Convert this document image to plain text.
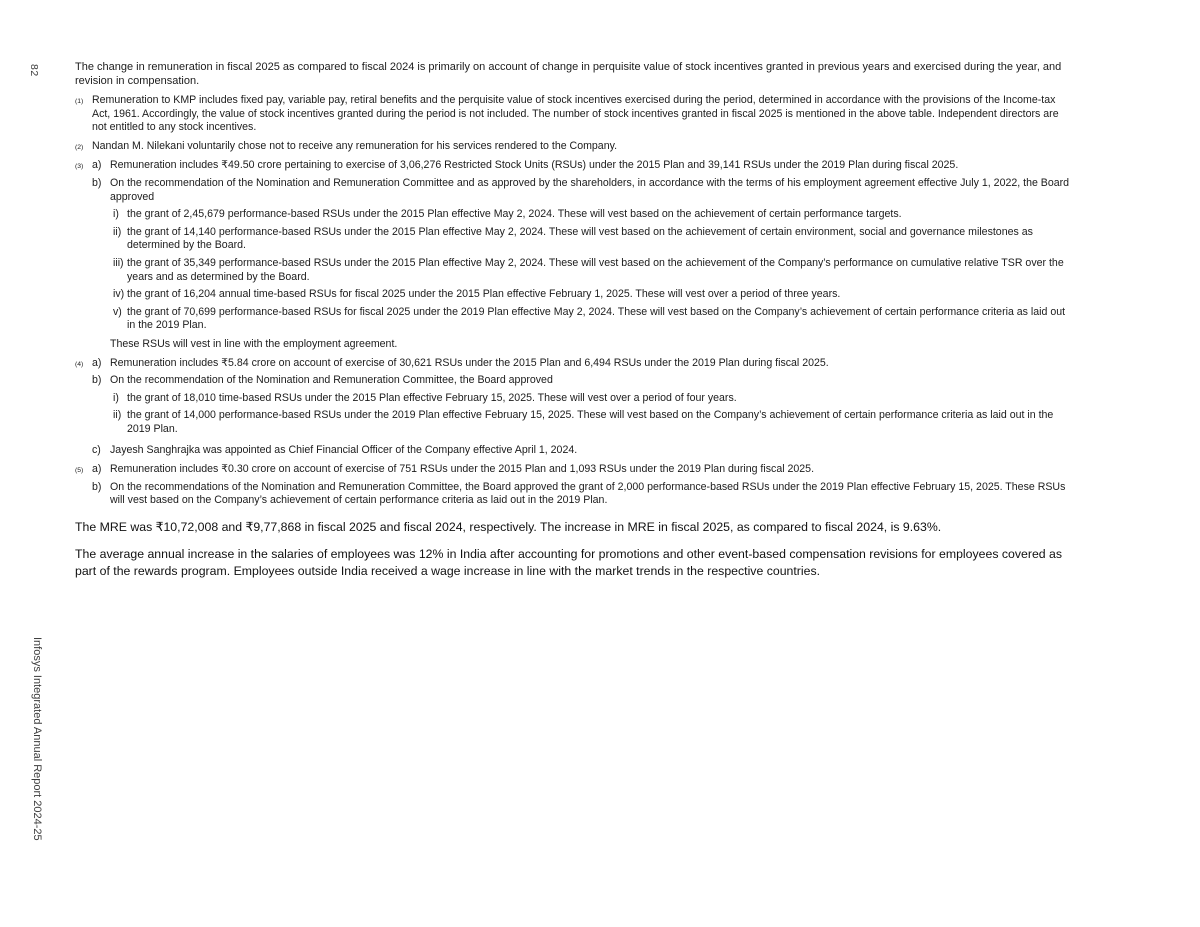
82
Infosys Integrated Annual Report 2024-25

The change in remuneration in fiscal 2025 as compared to fiscal 2024 is primarily on account of change in perquisite value of stock incentives granted in previous years and exercised during the year, and revision in compensation.

(1) Remuneration to KMP includes fixed pay, variable pay, retiral benefits and the perquisite value of stock incentives exercised during the period, determined in accordance with the provisions of the Income-tax Act, 1961. Accordingly, the value of stock incentives granted during the period is not included. The number of stock incentives granted in fiscal 2025 is mentioned in the above table. Independent directors are not entitled to any stock incentives.
(2) Nandan M. Nilekani voluntarily chose not to receive any remuneration for his services rendered to the Company.
(3) a) Remuneration includes ₹49.50 crore pertaining to exercise of 3,06,276 Restricted Stock Units (RSUs) under the 2015 Plan and 39,141 RSUs under the 2019 Plan during fiscal 2025.
b) On the recommendation of the Nomination and Remuneration Committee and as approved by the shareholders, in accordance with the terms of his employment agreement effective July 1, 2022, the Board approved
i) the grant of 2,45,679 performance-based RSUs under the 2015 Plan effective May 2, 2024. These will vest based on the achievement of certain performance targets.
ii) the grant of 14,140 performance-based RSUs under the 2015 Plan effective May 2, 2024. These will vest based on the achievement of certain environment, social and governance milestones as determined by the Board.
iii) the grant of 35,349 performance-based RSUs under the 2015 Plan effective May 2, 2024. These will vest based on the achievement of the Company’s performance on cumulative relative TSR over the years and as determined by the Board.
iv) the grant of 16,204 annual time-based RSUs for fiscal 2025 under the 2015 Plan effective February 1, 2025. These will vest over a period of three years.
v) the grant of 70,699 performance-based RSUs for fiscal 2025 under the 2019 Plan effective May 2, 2024. These will vest based on the Company’s achievement of certain performance criteria as laid out in the 2019 Plan.
These RSUs will vest in line with the employment agreement.
(4) a) Remuneration includes ₹5.84 crore on account of exercise of 30,621 RSUs under the 2015 Plan and 6,494 RSUs under the 2019 Plan during fiscal 2025.
b) On the recommendation of the Nomination and Remuneration Committee, the Board approved
i) the grant of 18,010 time-based RSUs under the 2015 Plan effective February 15, 2025. These will vest over a period of four years.
ii) the grant of 14,000 performance-based RSUs under the 2019 Plan effective February 15, 2025. These will vest based on the Company’s achievement of certain performance criteria as laid out in the 2019 Plan.
c) Jayesh Sanghrajka was appointed as Chief Financial Officer of the Company effective April 1, 2024.
(5) a) Remuneration includes ₹0.30 crore on account of exercise of 751 RSUs under the 2015 Plan and 1,093 RSUs under the 2019 Plan during fiscal 2025.
b) On the recommendations of the Nomination and Remuneration Committee, the Board approved the grant of 2,000 performance-based RSUs under the 2019 Plan effective February 15, 2025. These RSUs will vest based on the Company’s achievement of certain performance criteria as laid out in the 2019 Plan.

The MRE was ₹10,72,008 and ₹9,77,868 in fiscal 2025 and fiscal 2024, respectively. The increase in MRE in fiscal 2025, as compared to fiscal 2024, is 9.63%.

The average annual increase in the salaries of employees was 12% in India after accounting for promotions and other event-based compensation revisions for employees covered as part of the rewards program. Employees outside India received a wage increase in line with the market trends in the respective countries.
